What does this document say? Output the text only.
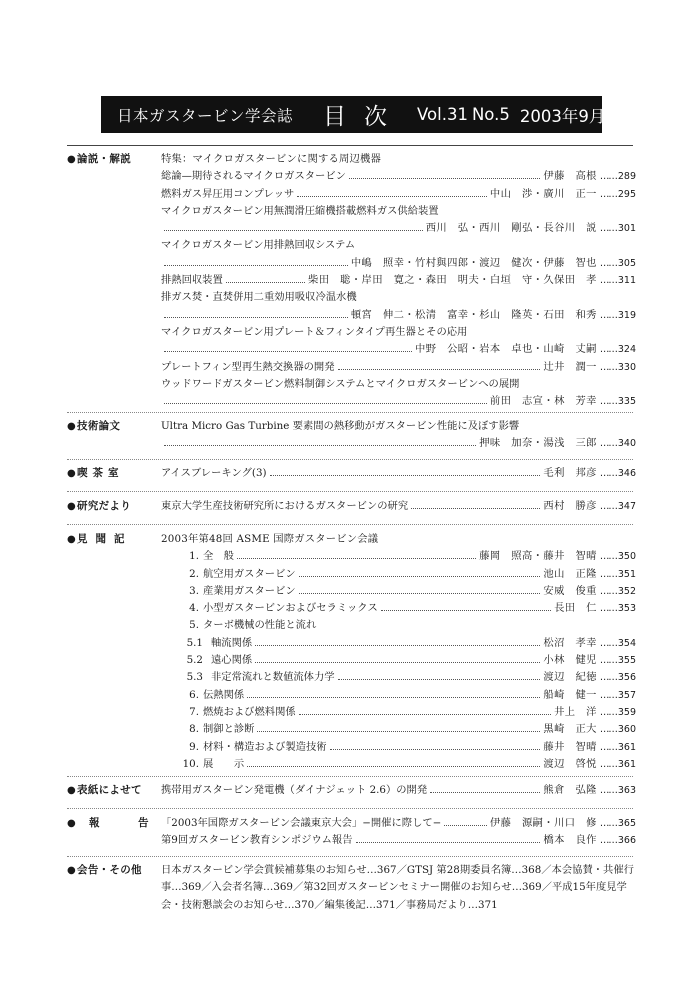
日本ガスタービン学会誌 目次 Vol.31 No.5 2003年9月
●論説・解説	特集：マイクロガスタービンに関する周辺機器
総論—期待されるマイクロガスタービン	伊藤　高根	…… 289
燃料ガス昇圧用コンプレッサ	中山　渉・廣川　正一	…… 295
マイクロガスタービン用無潤滑圧縮機搭載燃料ガス供給装置
西川　弘・西川　剛弘・長谷川　説	…… 301
マイクロガスタービン用排熱回収システム
中嶋　照幸・竹村與四郎・渡辺　健次・伊藤　智也	…… 305
排熱回収装置	柴田　聡・岸田　寛之・森田　明夫・白垣　守・久保田　孝	…… 311
排ガス焚・直焚併用二重効用吸収冷温水機
頓宮　伸二・松清　富幸・杉山　隆英・石田　和秀	…… 319
マイクロガスタービン用プレート＆フィンタイプ再生器とその応用
中野　公昭・岩本　卓也・山崎　丈嗣	…… 324
プレートフィン型再生熱交換器の開発	辻井　潤一	…… 330
ウッドワードガスタービン燃料制御システムとマイクロガスタービンへの展開
前田　志宣・林　芳幸	…… 335
●技術論文	Ultra Micro Gas Turbine 要素間の熱移動がガスタービン性能に及ぼす影響
押味　加奈・湯浅　三郎	…… 340
●喫茶室	アイスブレーキング(3)	毛利　邦彦	…… 346
●研究だより	東京大学生産技術研究所におけるガスタービンの研究	西村　勝彦	…… 347
●見聞記	2003年第48回 ASME 国際ガスタービン会議
1. 全　般	藤岡　照高・藤井　智晴	…… 350
2. 航空用ガスタービン	池山　正隆	…… 351
3. 産業用ガスタービン	安威　俊重	…… 352
4. 小型ガスタービンおよびセラミックス	長田　仁	…… 353
5. ターボ機械の性能と流れ
5.1 軸流関係	松沼　孝幸	…… 354
5.2 遠心関係	小林　健児	…… 355
5.3 非定常流れと数値流体力学	渡辺　紀徳	…… 356
6. 伝熱関係	船崎　健一	…… 357
7. 燃焼および燃料関係	井上　洋	…… 359
8. 制御と診断	黒崎　正大	…… 360
9. 材料・構造および製造技術	藤井　智晴	…… 361
10. 展　　示	渡辺　啓悦	…… 361
●表紙によせて	携帯用ガスタービン発電機（ダイナジェット 2.6）の開発	熊倉　弘隆	…… 363
● 報　告
「2003年国際ガスタービン会議東京大会」−開催に際して−	伊藤　源嗣・川口　修	…… 365
第9回ガスタービン教育シンポジウム報告	橋本　良作	…… 366
●会告・その他	日本ガスタービン学会賞候補募集のお知らせ…367／GTSJ 第28期委員名簿…368／本会協賛・共催行事…369／入会者名簿…369／第32回ガスタービンセミナー開催のお知らせ…369／平成15年度見学会・技術懇談会のお知らせ…370／編集後記…371／事務局だより…371
